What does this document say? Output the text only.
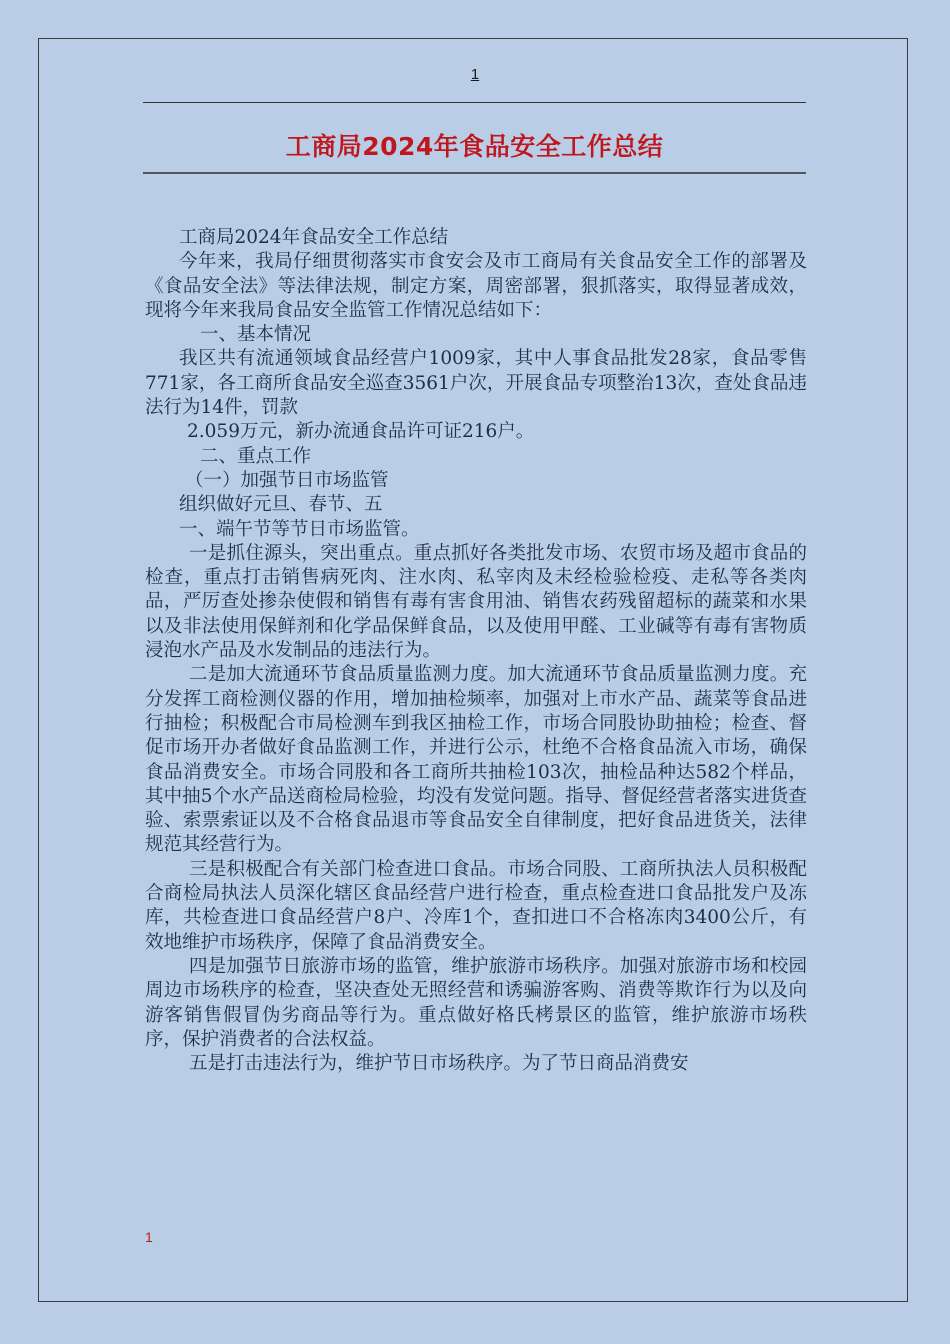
1
工商局2024年食品安全工作总结

工商局2024年食品安全工作总结

今年来，我局仔细贯彻落实市食安会及市工商局有关食品安全工作的部署及《食品安全法》等法律法规，制定方案，周密部署，狠抓落实，取得显著成效，现将今年来我局食品安全监管工作情况总结如下：

一、基本情况

我区共有流通领域食品经营户1009家，其中人事食品批发28家，食品零售771家，各工商所食品安全巡查3561户次，开展食品专项整治13次，查处食品违法行为14件，罚款

2.059万元，新办流通食品许可证216户。

二、重点工作

（一）加强节日市场监管

组织做好元旦、春节、五

一、端午节等节日市场监管。

一是抓住源头，突出重点。重点抓好各类批发市场、农贸市场及超市食品的检查，重点打击销售病死肉、注水肉、私宰肉及未经检验检疫、走私等各类肉品，严厉查处掺杂使假和销售有毒有害食用油、销售农药残留超标的蔬菜和水果以及非法使用保鲜剂和化学品保鲜食品，以及使用甲醛、工业碱等有毒有害物质浸泡水产品及水发制品的违法行为。

二是加大流通环节食品质量监测力度。加大流通环节食品质量监测力度。充分发挥工商检测仪器的作用，增加抽检频率，加强对上市水产品、蔬菜等食品进行抽检；积极配合市局检测车到我区抽检工作，市场合同股协助抽检；检查、督促市场开办者做好食品监测工作，并进行公示，杜绝不合格食品流入市场，确保食品消费安全。市场合同股和各工商所共抽检103次，抽检品种达582个样品，其中抽5个水产品送商检局检验，均没有发觉问题。指导、督促经营者落实进货查验、索票索证以及不合格食品退市等食品安全自律制度，把好食品进货关，法律规范其经营行为。

三是积极配合有关部门检查进口食品。市场合同股、工商所执法人员积极配合商检局执法人员深化辖区食品经营户进行检查，重点检查进口食品批发户及冻库，共检查进口食品经营户8户、冷库1个，查扣进口不合格冻肉3400公斤，有效地维护市场秩序，保障了食品消费安全。

四是加强节日旅游市场的监管，维护旅游市场秩序。加强对旅游市场和校园周边市场秩序的检查，坚决查处无照经营和诱骗游客购、消费等欺诈行为以及向游客销售假冒伪劣商品等行为。重点做好格氏栲景区的监管，维护旅游市场秩序，保护消费者的合法权益。

五是打击违法行为，维护节日市场秩序。为了节日商品消费安

1
